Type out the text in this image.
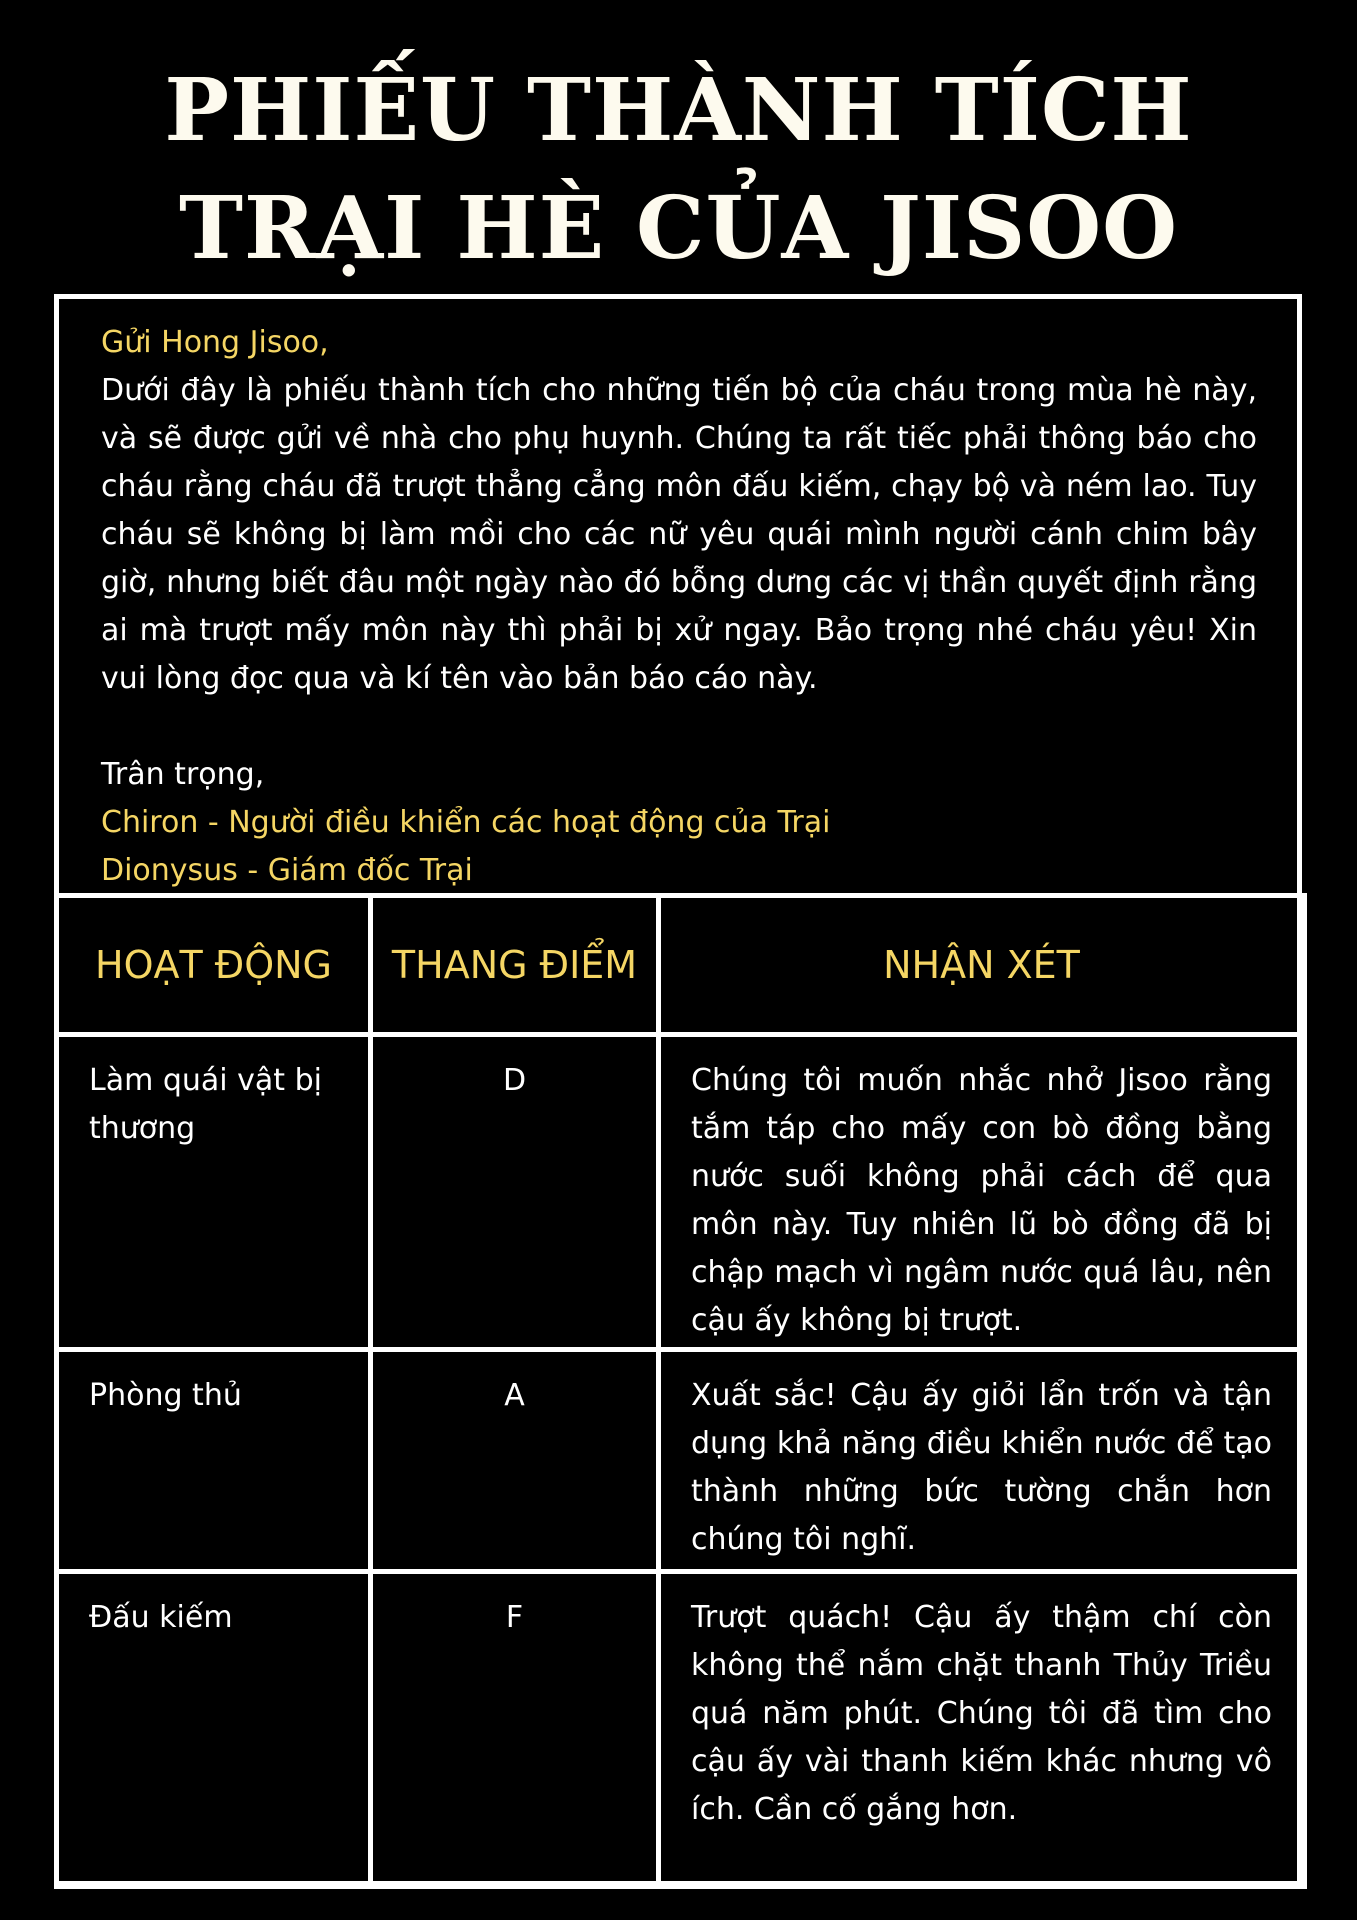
PHIẾU THÀNH TÍCH
TRẠI HÈ CỦA JISOO
Gửi Hong Jisoo,

Dưới đây là phiếu thành tích cho những tiến bộ của cháu trong mùa hè này, và sẽ được gửi về nhà cho phụ huynh. Chúng ta rất tiếc phải thông báo cho cháu rằng cháu đã trượt thẳng cẳng môn đấu kiếm, chạy bộ và ném lao. Tuy cháu sẽ không bị làm mồi cho các nữ yêu quái mình người cánh chim bây giờ, nhưng biết đâu một ngày nào đó bỗng dưng các vị thần quyết định rằng ai mà trượt mấy môn này thì phải bị xử ngay. Bảo trọng nhé cháu yêu! Xin vui lòng đọc qua và kí tên vào bản báo cáo này.

Trân trọng,
Chiron - Người điều khiển các hoạt động của Trại
Dionysus - Giám đốc Trại
HOẠT ĐỘNG	THANG ĐIỂM	NHẬN XÉT
Làm quái vật bị thương	D	Chúng tôi muốn nhắc nhở Jisoo rằng tắm táp cho mấy con bò đồng bằng nước suối không phải cách để qua môn này. Tuy nhiên lũ bò đồng đã bị chập mạch vì ngâm nước quá lâu, nên cậu ấy không bị trượt.
Phòng thủ	A	Xuất sắc! Cậu ấy giỏi lẩn trốn và tận dụng khả năng điều khiển nước để tạo thành những bức tường chắn hơn chúng tôi nghĩ.
Đấu kiếm	F	Trượt quách! Cậu ấy thậm chí còn không thể nắm chặt thanh Thủy Triều quá năm phút. Chúng tôi đã tìm cho cậu ấy vài thanh kiếm khác nhưng vô ích. Cần cố gắng hơn.
